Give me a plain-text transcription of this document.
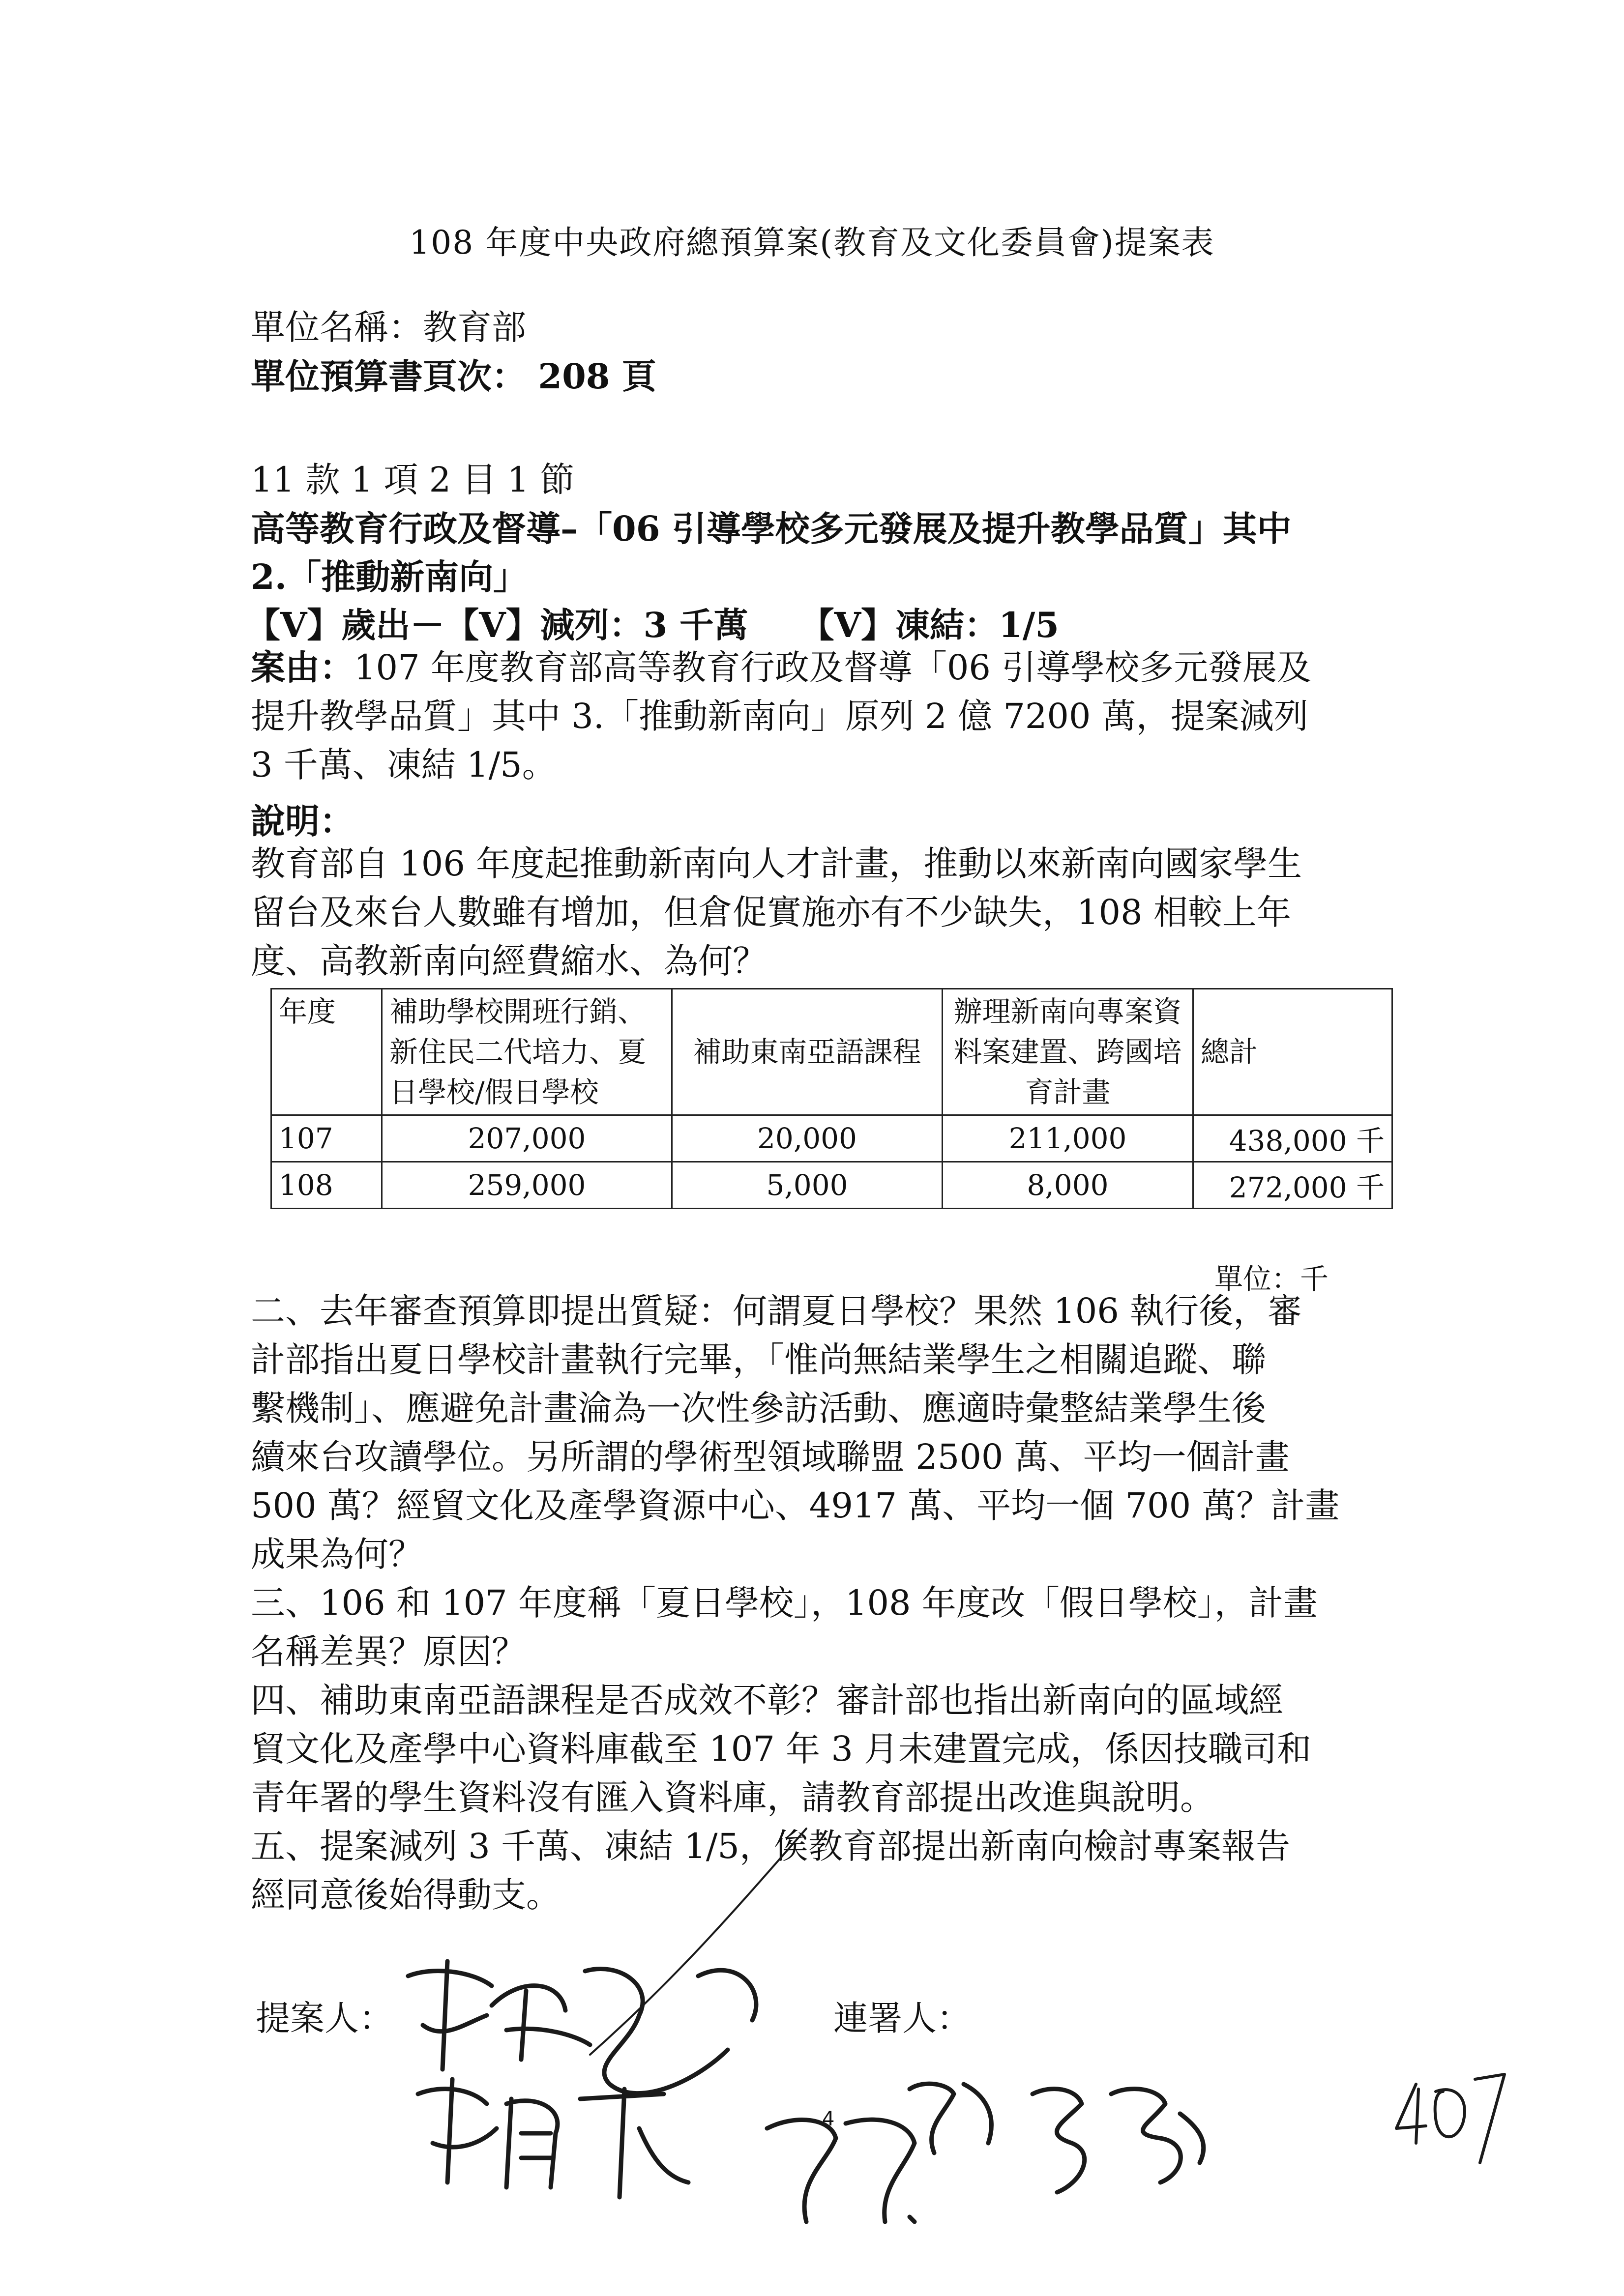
108 年度中央政府總預算案(教育及文化委員會)提案表
單位名稱：教育部
單位預算書頁次： 208 頁
11 款 1 項 2 目 1 節
高等教育行政及督導–「06 引導學校多元發展及提升教學品質」其中
2.「推動新南向」
【V】歲出－【V】減列：3 千萬　　【V】凍結：1/5
案由：107 年度教育部高等教育行政及督導「06 引導學校多元發展及
提升教學品質」其中 3.「推動新南向」原列 2 億 7200 萬，提案減列
3 千萬、凍結 1/5。
說明：
教育部自 106 年度起推動新南向人才計畫，推動以來新南向國家學生
留台及來台人數雖有增加，但倉促實施亦有不少缺失，108 相較上年
度、高教新南向經費縮水、為何？
年度	補助學校開班行銷、新住民二代培力、夏日學校/假日學校	補助東南亞語課程	辦理新南向專案資料案建置、跨國培育計畫	總計
107	207,000	20,000	211,000	438,000 千
108	259,000	5,000	8,000	272,000 千
單位：千
二、去年審查預算即提出質疑：何謂夏日學校？果然 106 執行後，審
計部指出夏日學校計畫執行完畢，「惟尚無結業學生之相關追蹤、聯
繫機制」、應避免計畫淪為一次性參訪活動、應適時彙整結業學生後
續來台攻讀學位。另所謂的學術型領域聯盟 2500 萬、平均一個計畫
500 萬？經貿文化及產學資源中心、4917 萬、平均一個 700 萬？計畫
成果為何？
三、106 和 107 年度稱「夏日學校」，108 年度改「假日學校」，計畫
名稱差異？原因？
四、補助東南亞語課程是否成效不彰？審計部也指出新南向的區域經
貿文化及產學中心資料庫截至 107 年 3 月未建置完成，係因技職司和
青年署的學生資料沒有匯入資料庫，請教育部提出改進與說明。
五、提案減列 3 千萬、凍結 1/5，俟教育部提出新南向檢討專案報告
經同意後始得動支。
提案人：	連署人：
4
